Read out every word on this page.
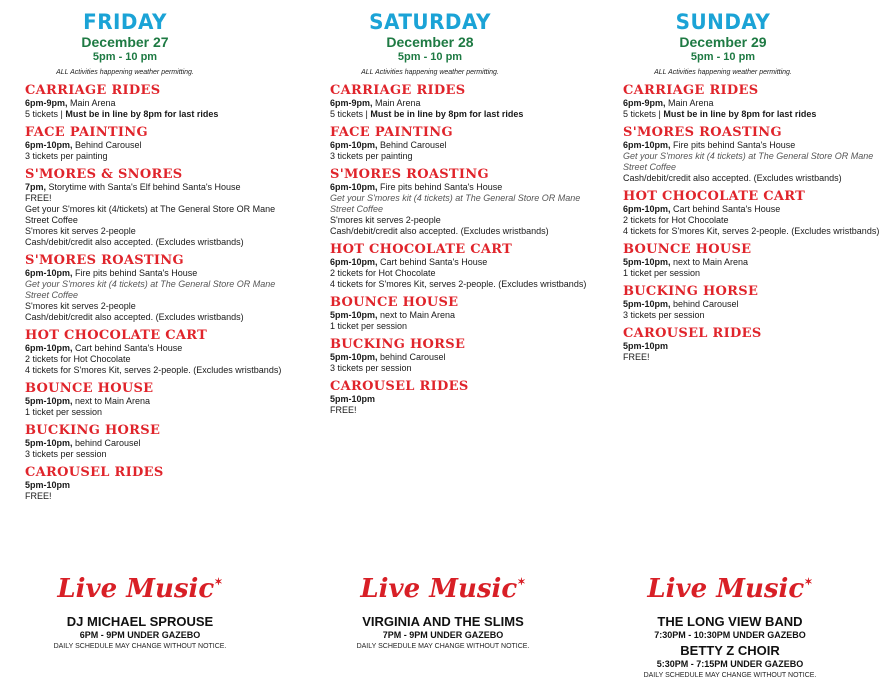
FRIDAY
December 27
5pm - 10 pm
ALL Activities happening weather permitting.
CARRIAGE RIDES
6pm-9pm, Main Arena
5 tickets | Must be in line by 8pm for last rides
FACE PAINTING
6pm-10pm, Behind Carousel
3 tickets per painting
S'MORES & SNORES
7pm, Storytime with Santa's Elf behind Santa's House
FREE!
Get your S'mores kit (4/tickets) at The General Store OR Mane Street Coffee
S'mores kit serves 2-people
Cash/debit/credit also accepted. (Excludes wristbands)
S'MORES ROASTING
6pm-10pm, Fire pits behind Santa's House
Get your S'mores kit (4 tickets) at The General Store OR Mane Street Coffee
S'mores kit serves 2-people
Cash/debit/credit also accepted. (Excludes wristbands)
HOT CHOCOLATE CART
6pm-10pm, Cart behind Santa's House
2 tickets for Hot Chocolate
4 tickets for S'mores Kit, serves 2-people. (Excludes wristbands)
BOUNCE HOUSE
5pm-10pm, next to Main Arena
1 ticket per session
BUCKING HORSE
5pm-10pm, behind Carousel
3 tickets per session
CAROUSEL RIDES
5pm-10pm
FREE!
SATURDAY
December 28
5pm - 10 pm
ALL Activities happening weather permitting.
CARRIAGE RIDES
6pm-9pm, Main Arena
5 tickets | Must be in line by 8pm for last rides
FACE PAINTING
6pm-10pm, Behind Carousel
3 tickets per painting
S'MORES ROASTING
6pm-10pm, Fire pits behind Santa's House
Get your S'mores kit (4 tickets) at The General Store OR Mane Street Coffee
S'mores kit serves 2-people
Cash/debit/credit also accepted. (Excludes wristbands)
HOT CHOCOLATE CART
6pm-10pm, Cart behind Santa's House
2 tickets for Hot Chocolate
4 tickets for S'mores Kit, serves 2-people. (Excludes wristbands)
BOUNCE HOUSE
5pm-10pm, next to Main Arena
1 ticket per session
BUCKING HORSE
5pm-10pm, behind Carousel
3 tickets per session
CAROUSEL RIDES
5pm-10pm
FREE!
SUNDAY
December 29
5pm - 10 pm
ALL Activities happening weather permitting.
CARRIAGE RIDES
6pm-9pm, Main Arena
5 tickets | Must be in line by 8pm for last rides
S'MORES ROASTING
6pm-10pm, Fire pits behind Santa's House
Get your S'mores kit (4 tickets) at The General Store OR Mane Street Coffee
Cash/debit/credit also accepted. (Excludes wristbands)
HOT CHOCOLATE CART
6pm-10pm, Cart behind Santa's House
2 tickets for Hot Chocolate
4 tickets for S'mores Kit, serves 2-people. (Excludes wristbands)
BOUNCE HOUSE
5pm-10pm, next to Main Arena
1 ticket per session
BUCKING HORSE
5pm-10pm, behind Carousel
3 tickets per session
CAROUSEL RIDES
5pm-10pm
FREE!
Live Music✶
DJ MICHAEL SPROUSE
6PM - 9PM UNDER GAZEBO
DAILY SCHEDULE MAY CHANGE WITHOUT NOTICE.
Live Music✶
VIRGINIA AND THE SLIMS
7PM - 9PM UNDER GAZEBO
DAILY SCHEDULE MAY CHANGE WITHOUT NOTICE.
Live Music✶
THE LONG VIEW BAND
7:30PM - 10:30PM UNDER GAZEBO
BETTY Z CHOIR
5:30PM - 7:15PM UNDER GAZEBO
DAILY SCHEDULE MAY CHANGE WITHOUT NOTICE.
